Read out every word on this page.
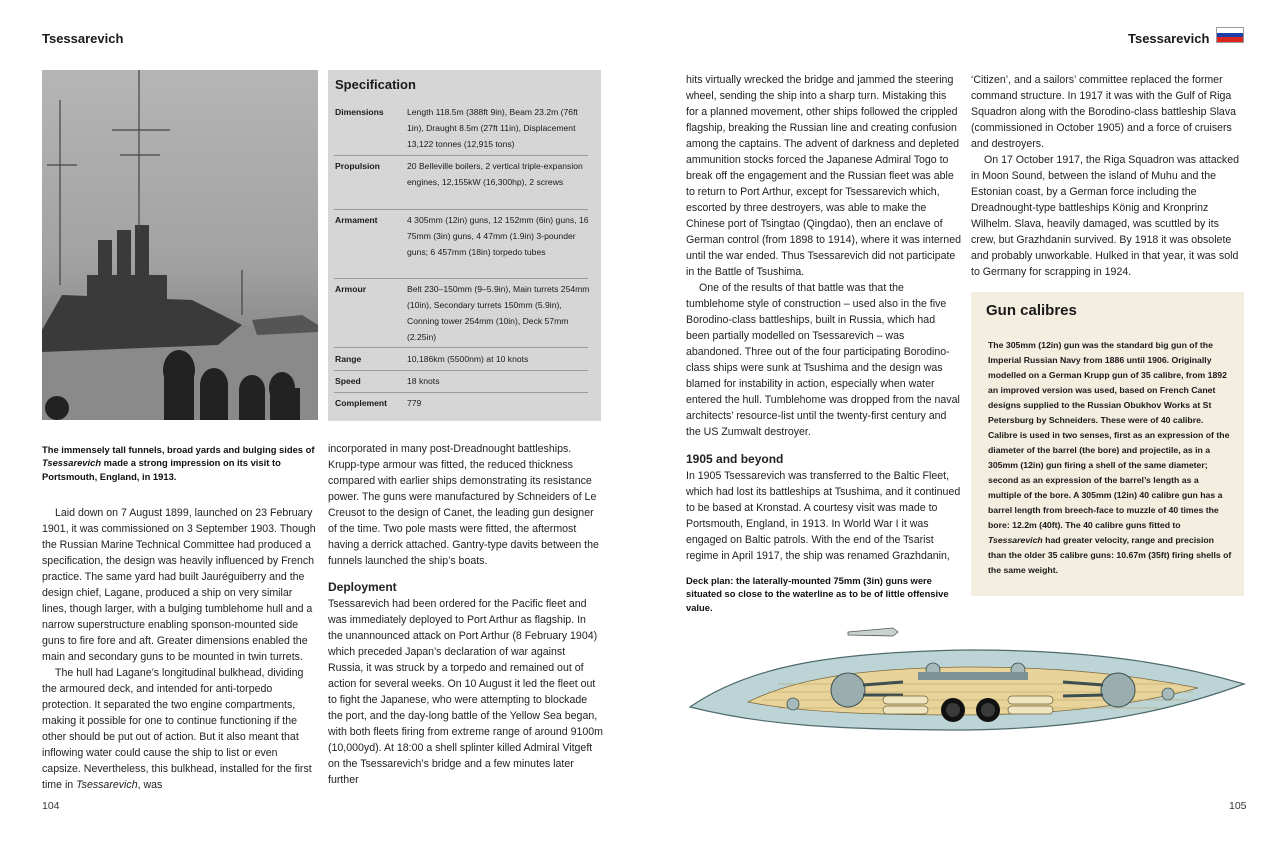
Tsessarevich	Tsessarevich
The immensely tall funnels, broad yards and bulging sides of Tsessarevich made a strong impression on its visit to Portsmouth, England, in 1913.
Specification
Dimensions	Length 118.5m (388ft 9in), Beam 23.2m (76ft 1in), Draught 8.5m (27ft 11in), Displacement 13,122 tonnes (12,915 tons)
Propulsion	20 Belleville boilers, 2 vertical triple-expansion engines, 12,155kW (16,300hp), 2 screws
Armament	4 305mm (12in) guns, 12 152mm (6in) guns, 16 75mm (3in) guns, 4 47mm (1.9in) 3-pounder guns; 6 457mm (18in) torpedo tubes
Armour	Belt 230–150mm (9–5.9in), Main turrets 254mm (10in), Secondary turrets 150mm (5.9in), Conning tower 254mm (10in), Deck 57mm (2.25in)
Range	10,186km (5500nm) at 10 knots
Speed	18 knots
Complement	779

Laid down on 7 August 1899, launched on 23 February 1901, it was commissioned on 3 September 1903. Though the Russian Marine Technical Committee had produced a specification, the design was heavily influenced by French practice. The same yard had built Jauréguiberry and the design chief, Lagane, produced a ship on very similar lines, though larger, with a bulging tumblehome hull and a narrow superstructure enabling sponson-mounted side guns to fire fore and aft. Greater dimensions enabled the main and secondary guns to be mounted in twin turrets.

The hull had Lagane’s longitudinal bulkhead, dividing the armoured deck, and intended for anti-torpedo protection. It separated the two engine compartments, making it possible for one to continue functioning if the other should be put out of action. But it also meant that inflowing water could cause the ship to list or even capsize. Nevertheless, this bulkhead, installed for the first time in Tsessarevich, was

incorporated in many post-Dreadnought battleships. Krupp-type armour was fitted, the reduced thickness compared with earlier ships demonstrating its resistance power. The guns were manufactured by Schneiders of Le Creusot to the design of Canet, the leading gun designer of the time. Two pole masts were fitted, the aftermost having a derrick attached. Gantry-type davits between the funnels launched the ship’s boats.

Deployment

Tsessarevich had been ordered for the Pacific fleet and was immediately deployed to Port Arthur as flagship. In the unannounced attack on Port Arthur (8 February 1904) which preceded Japan’s declaration of war against Russia, it was struck by a torpedo and remained out of action for several weeks. On 10 August it led the fleet out to fight the Japanese, who were attempting to blockade the port, and the day-long battle of the Yellow Sea began, with both fleets firing from extreme range of around 9100m (10,000yd). At 18:00 a shell splinter killed Admiral Vitgeft on the Tsessarevich’s bridge and a few minutes later further

hits virtually wrecked the bridge and jammed the steering wheel, sending the ship into a sharp turn. Mistaking this for a planned movement, other ships followed the crippled flagship, breaking the Russian line and creating confusion among the captains. The advent of darkness and depleted ammunition stocks forced the Japanese Admiral Togo to break off the engagement and the Russian fleet was able to return to Port Arthur, except for Tsessarevich which, escorted by three destroyers, was able to make the Chinese port of Tsingtao (Qingdao), then an enclave of German control (from 1898 to 1914), where it was interned until the war ended. Thus Tsessarevich did not participate in the Battle of Tsushima.

One of the results of that battle was that the tumblehome style of construction – used also in the five Borodino-class battleships, built in Russia, which had been partially modelled on Tsessarevich – was abandoned. Three out of the four participating Borodino-class ships were sunk at Tsushima and the design was blamed for instability in action, especially when water entered the hull. Tumblehome was dropped from the naval architects’ resource-list until the twenty-first century and the US Zumwalt destroyer.

1905 and beyond

In 1905 Tsessarevich was transferred to the Baltic Fleet, which had lost its battleships at Tsushima, and it continued to be based at Kronstad. A courtesy visit was made to Portsmouth, England, in 1913. In World War I it was engaged on Baltic patrols. With the end of the Tsarist regime in April 1917, the ship was renamed Grazhdanin,

Deck plan: the laterally-mounted 75mm (3in) guns were situated so close to the waterline as to be of little offensive value.

‘Citizen’, and a sailors’ committee replaced the former command structure. In 1917 it was with the Gulf of Riga Squadron along with the Borodino-class battleship Slava (commissioned in October 1905) and a force of cruisers and destroyers.

On 17 October 1917, the Riga Squadron was attacked in Moon Sound, between the island of Muhu and the Estonian coast, by a German force including the Dreadnought-type battleships König and Kronprinz Wilhelm. Slava, heavily damaged, was scuttled by its crew, but Grazhdanin survived. By 1918 it was obsolete and probably unworkable. Hulked in that year, it was sold to Germany for scrapping in 1924.

Gun calibres
The 305mm (12in) gun was the standard big gun of the Imperial Russian Navy from 1886 until 1906. Originally modelled on a German Krupp gun of 35 calibre, from 1892 an improved version was used, based on French Canet designs supplied to the Russian Obukhov Works at St Petersburg by Schneiders. These were of 40 calibre. Calibre is used in two senses, first as an expression of the diameter of the barrel (the bore) and projectile, as in a 305mm (12in) gun firing a shell of the same diameter; second as an expression of the barrel’s length as a multiple of the bore. A 305mm (12in) 40 calibre gun has a barrel length from breech-face to muzzle of 40 times the bore: 12.2m (40ft). The 40 calibre guns fitted to Tsessarevich had greater velocity, range and precision than the older 35 calibre guns: 10.67m (35ft) firing shells of the same weight.
104	105
